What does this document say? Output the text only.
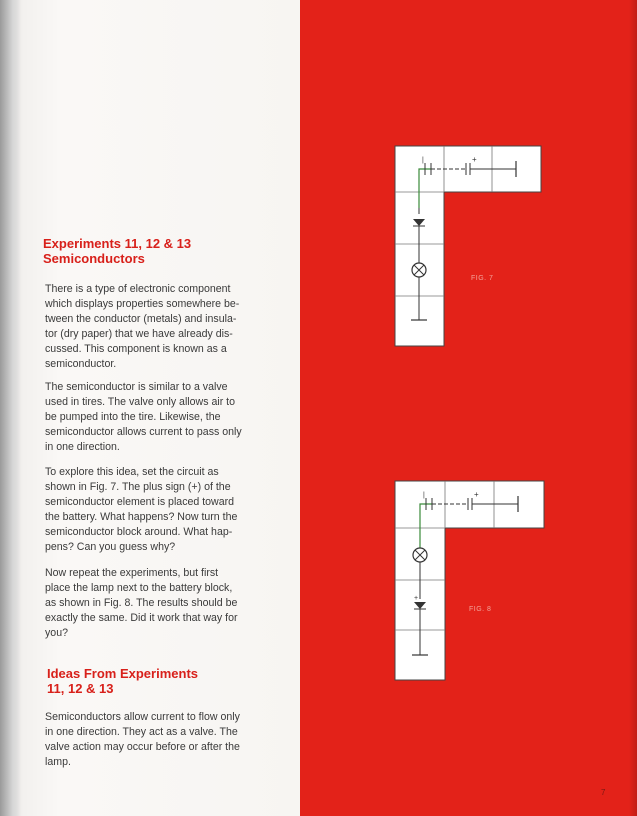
Experiments 11, 12 & 13
Semiconductors

There is a type of electronic component
which displays properties somewhere be-
tween the conductor (metals) and insula-
tor (dry paper) that we have already dis-
cussed. This component is known as a
semiconductor.

The semiconductor is similar to a valve
used in tires. The valve only allows air to
be pumped into the tire. Likewise, the
semiconductor allows current to pass only
in one direction.

To explore this idea, set the circuit as
shown in Fig. 7. The plus sign (+) of the
semiconductor element is placed toward
the battery. What happens? Now turn the
semiconductor block around. What hap-
pens? Can you guess why?

Now repeat the experiments, but first
place the lamp next to the battery block,
as shown in Fig. 8. The results should be
exactly the same. Did it work that way for
you?

Ideas From Experiments
11, 12 & 13

Semiconductors allow current to flow only
in one direction. They act as a valve. The
valve action may occur before or after the
lamp.

|	+
|	+
+
FIG. 7
FIG. 8
7
